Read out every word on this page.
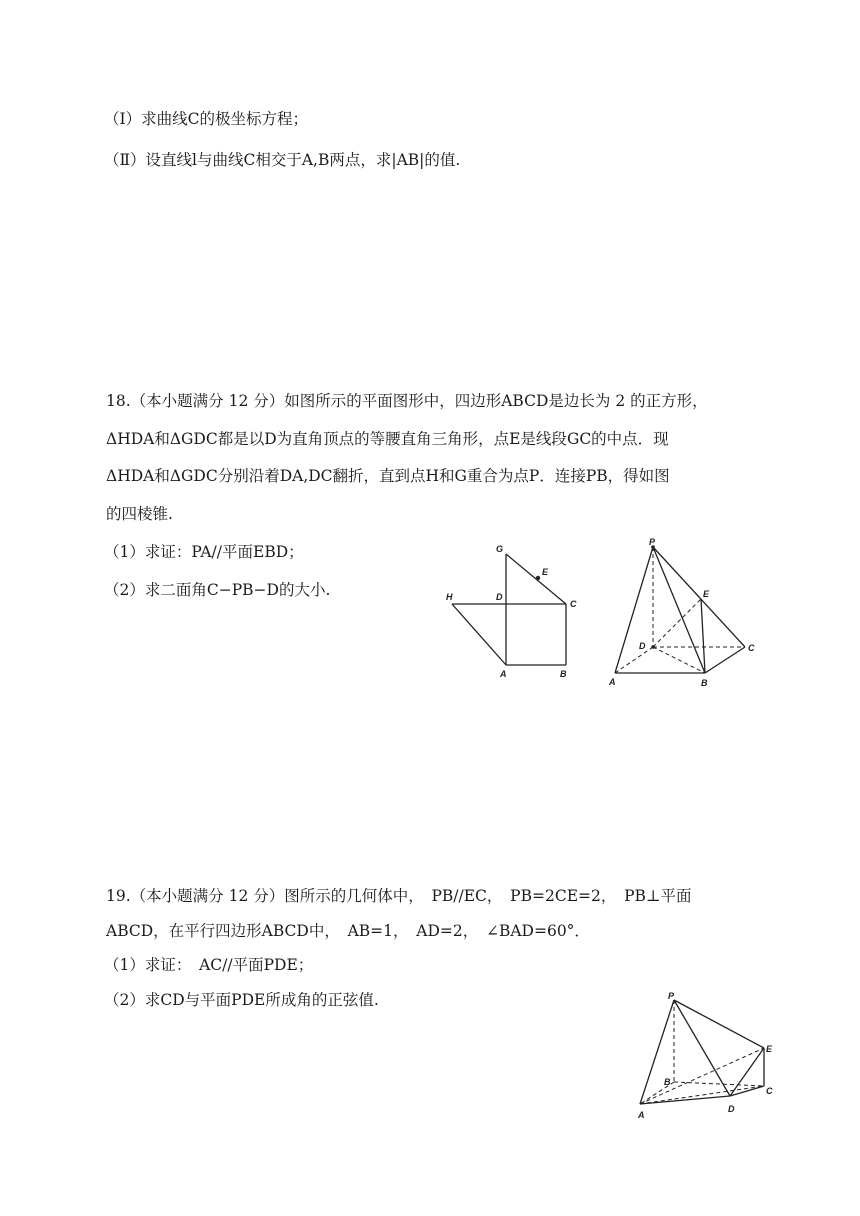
（Ⅰ）求曲线C的极坐标方程；
（Ⅱ）设直线l与曲线C相交于A,B两点，求|AB|的值.
18.（本小题满分 12 分）如图所示的平面图形中，四边形ABCD是边长为 2 的正方形，
ΔHDA和ΔGDC都是以D为直角顶点的等腰直角三角形，点E是线段GC的中点．现
ΔHDA和ΔGDC分别沿着DA,DC翻折，直到点H和G重合为点P．连接PB，得如图
的四棱锥.
（1）求证：PA//平面EBD；
（2）求二面角C−PB−D的大小.
G
E
H	D
C
A	B
P
E
D	C
A	B
19.（本小题满分 12 分）图所示的几何体中，　PB//EC，　PB=2CE=2，　PB⊥平面
ABCD，在平行四边形ABCD中，　AB=1，　AD=2，　∠BAD=60°．
（1）求证：　AC//平面PDE；
（2）求CD与平面PDE所成角的正弦值.	P
E
B
C
A
D
